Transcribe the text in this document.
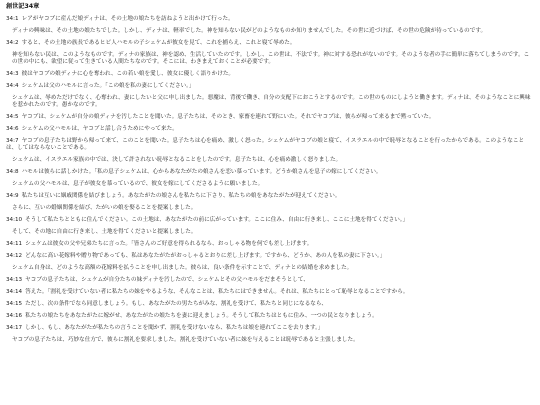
創世記34章
34:1 レアがヤコブに産んだ娘ディナは、その土地の娘たちを訪ねようと出かけて行った。
ディナの興味は、その土地の娘たちでした。しかし、ディナは、軽率でした。神を知らない民がどのようなものか知りませんでした。その世に近づけば、その世の危険が待っているのです。
34:2 すると、その土地の族長であるヒビ人ハモルの子シェケムが彼女を見て、これを捕らえ、これと寝て辱めた。
神を知らない民は、このようなものです。ディナの家族は、神を認め、生活していたのです。しかし、この世は、不法です。神に対する恐れがないのです。そのような者の手に簡単に落ちてしまうのです。この世の中にも、欲望に従って生きている人間たちなのです。そこには、わきまえておくことが必要です。
34:3 彼はヤコブの娘ディナに心を奪われ、この若い娘を愛し、彼女に優しく語りかけた。
34:4 シェケムは父のハモルに言った。「この娘を私の妻にしてください。」
シェケムは、辱めただけでなく、心奪われ、妻にしたいと父に申し出ました。悪魔は、背後で働き、自分の支配下におこうとするのです。この世のものにしようと働きます。ディナは、そのようなことに興味を惹かれたのです。愚かなのです。
34:5 ヤコブは、シェケムが自分の娘ディナを汚したことを聞いた。息子たちは、そのとき、家畜を連れて野にいた。それでヤコブは、彼らが帰って来るまで黙っていた。
34:6 シェケムの父ハモルは、ヤコブと話し合うためにやって来た。
34:7 ヤコブの息子たちは野から帰って来て、このことを聞いた。息子たちは心を痛め、激しく怒った。シェケムがヤコブの娘と寝て、イスラエルの中で恥辱となることを行ったからである。このようなことは、してはならないことである。
シェケムは、イスラエル家族の中では、決して許されない恥辱となることをしたのです。息子たちは、心を痛め激しく怒りました。
34:8 ハモルは彼らに話しかけた。「私の息子シェケムは、心からあなたがたの娘さんを恋い慕っています。どうか娘さんを息子の嫁にしてください。
シェケムの父ハモルは、息子が彼女を慕っているので、彼女を嫁にしてくださるように願いました。
34:9 私たちは互いに姻戚関係を結びましょう。あなたがたの娘さんを私たちに下さり、私たちの娘をあなたがたが迎えてください。
さらに、互いの婚姻関係を結び、たがいの娘を娶ることを提案しました。
34:10 そうして私たちとともに住んでください。この土地は、あなたがたの前に広がっています。ここに住み、自由に行き来し、ここに土地を得てください。」
そして、その地に自由に行き来し、土地を得てくださいと提案しました。
34:11 シェケムは彼女の父や兄弟たちに言った。「皆さんのご好意を得られるなら、おっしゃる物を何でも差し上げます。
34:12 どんなに高い花嫁料や贈り物であっても、私はあなたがたがおっしゃるとおりに差し上げます。ですから、どうか、あの人を私の妻に下さい。」
シェケム自身は、どのような高額の花嫁料を払うことを申し出ました。彼らは、良い条件を示すことで、ディナとの結婚を求めました。
34:13 ヤコブの息子たちは、シェケムが自分たちの妹ディナを汚したので、シェケムとその父ハモルをだまそうとして、
34:14 答えた。「割礼を受けていない者に私たちの妹をやるような、そんなことは、私たちにはできません。それは、私たちにとって恥辱となることですから。
34:15 ただし、次の条件でなら同意しましょう。もし、あなたがたの男たちがみな、割礼を受けて、私たちと同じになるなら、
34:16 私たちの娘たちをあなたがたに嫁がせ、あなたがたの娘たちを妻に迎えましょう。そうして私たちはともに住み、一つの民となりましょう。
34:17 しかし、もし、あなたがたが私たちの言うことを聞かず、割礼を受けないなら、私たちは娘を連れてここを去ります。」
ヤコブの息子たちは、巧妙な仕方で、彼らに割礼を要求しました。割礼を受けていない者に妹を与えることは恥辱であると主張しました。
